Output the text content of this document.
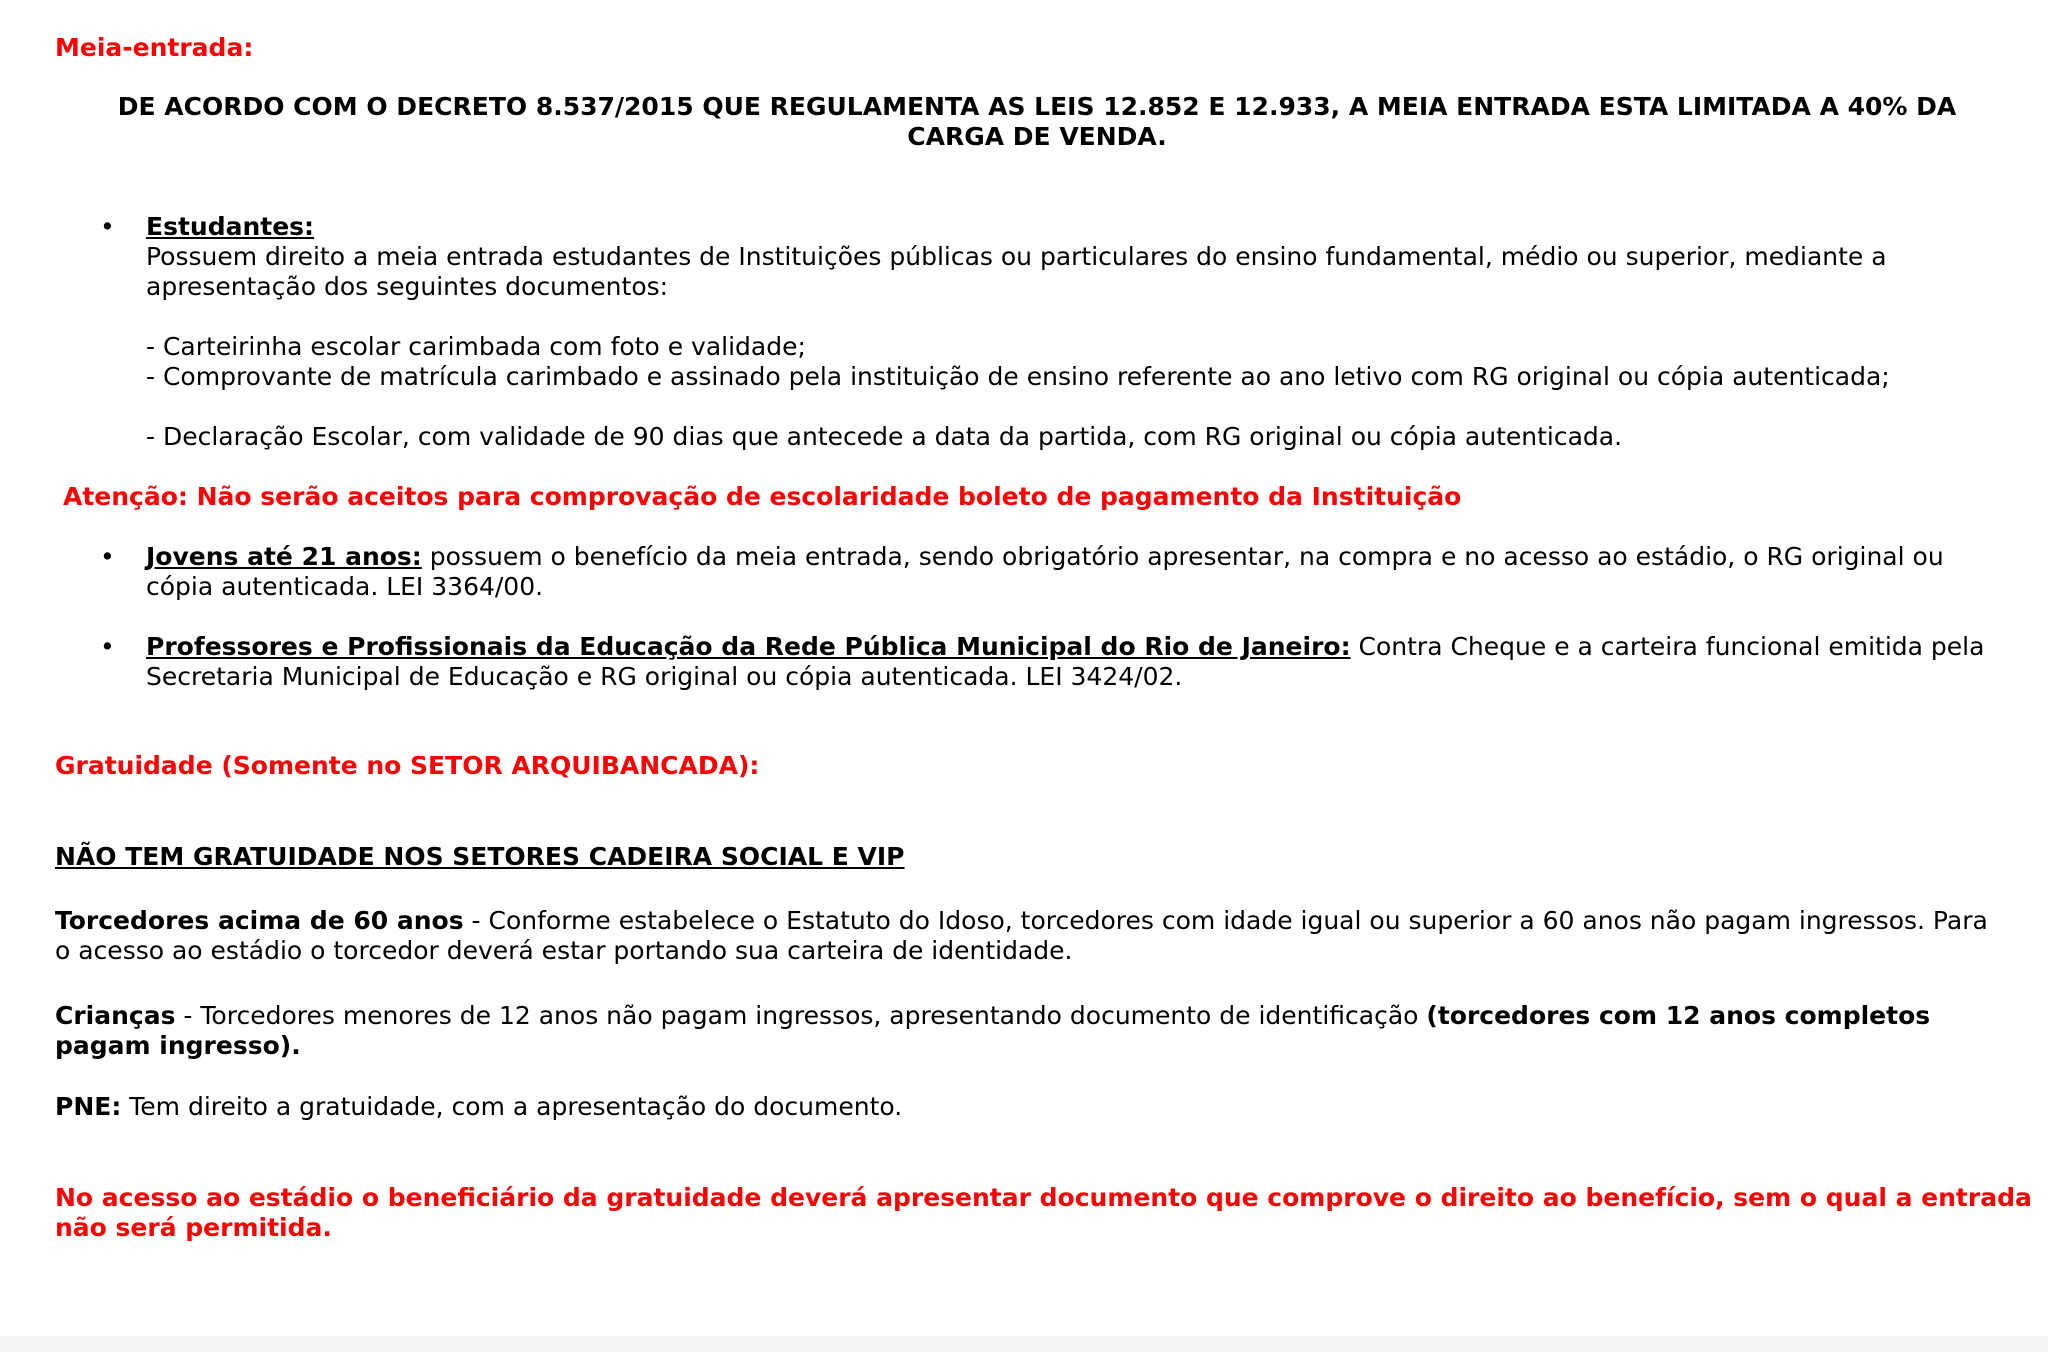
Meia-entrada:
DE ACORDO COM O DECRETO 8.537/2015 QUE REGULAMENTA AS LEIS 12.852 E 12.933, A MEIA ENTRADA ESTA LIMITADA A 40% DA
CARGA DE VENDA.
• Estudantes:
Possuem direito a meia entrada estudantes de Instituições públicas ou particulares do ensino fundamental, médio ou superior, mediante a
apresentação dos seguintes documentos:
- Carteirinha escolar carimbada com foto e validade;
- Comprovante de matrícula carimbado e assinado pela instituição de ensino referente ao ano letivo com RG original ou cópia autenticada;
- Declaração Escolar, com validade de 90 dias que antecede a data da partida, com RG original ou cópia autenticada.
Atenção: Não serão aceitos para comprovação de escolaridade boleto de pagamento da Instituição
• Jovens até 21 anos: possuem o benefício da meia entrada, sendo obrigatório apresentar, na compra e no acesso ao estádio, o RG original ou
cópia autenticada. LEI 3364/00.
• Professores e Profissionais da Educação da Rede Pública Municipal do Rio de Janeiro: Contra Cheque e a carteira funcional emitida pela
Secretaria Municipal de Educação e RG original ou cópia autenticada. LEI 3424/02.
Gratuidade (Somente no SETOR ARQUIBANCADA):
NÃO TEM GRATUIDADE NOS SETORES CADEIRA SOCIAL E VIP
Torcedores acima de 60 anos - Conforme estabelece o Estatuto do Idoso, torcedores com idade igual ou superior a 60 anos não pagam ingressos. Para
o acesso ao estádio o torcedor deverá estar portando sua carteira de identidade.
Crianças - Torcedores menores de 12 anos não pagam ingressos, apresentando documento de identificação (torcedores com 12 anos completos
pagam ingresso).
PNE: Tem direito a gratuidade, com a apresentação do documento.
No acesso ao estádio o beneficiário da gratuidade deverá apresentar documento que comprove o direito ao benefício, sem o qual a entrada
não será permitida.
